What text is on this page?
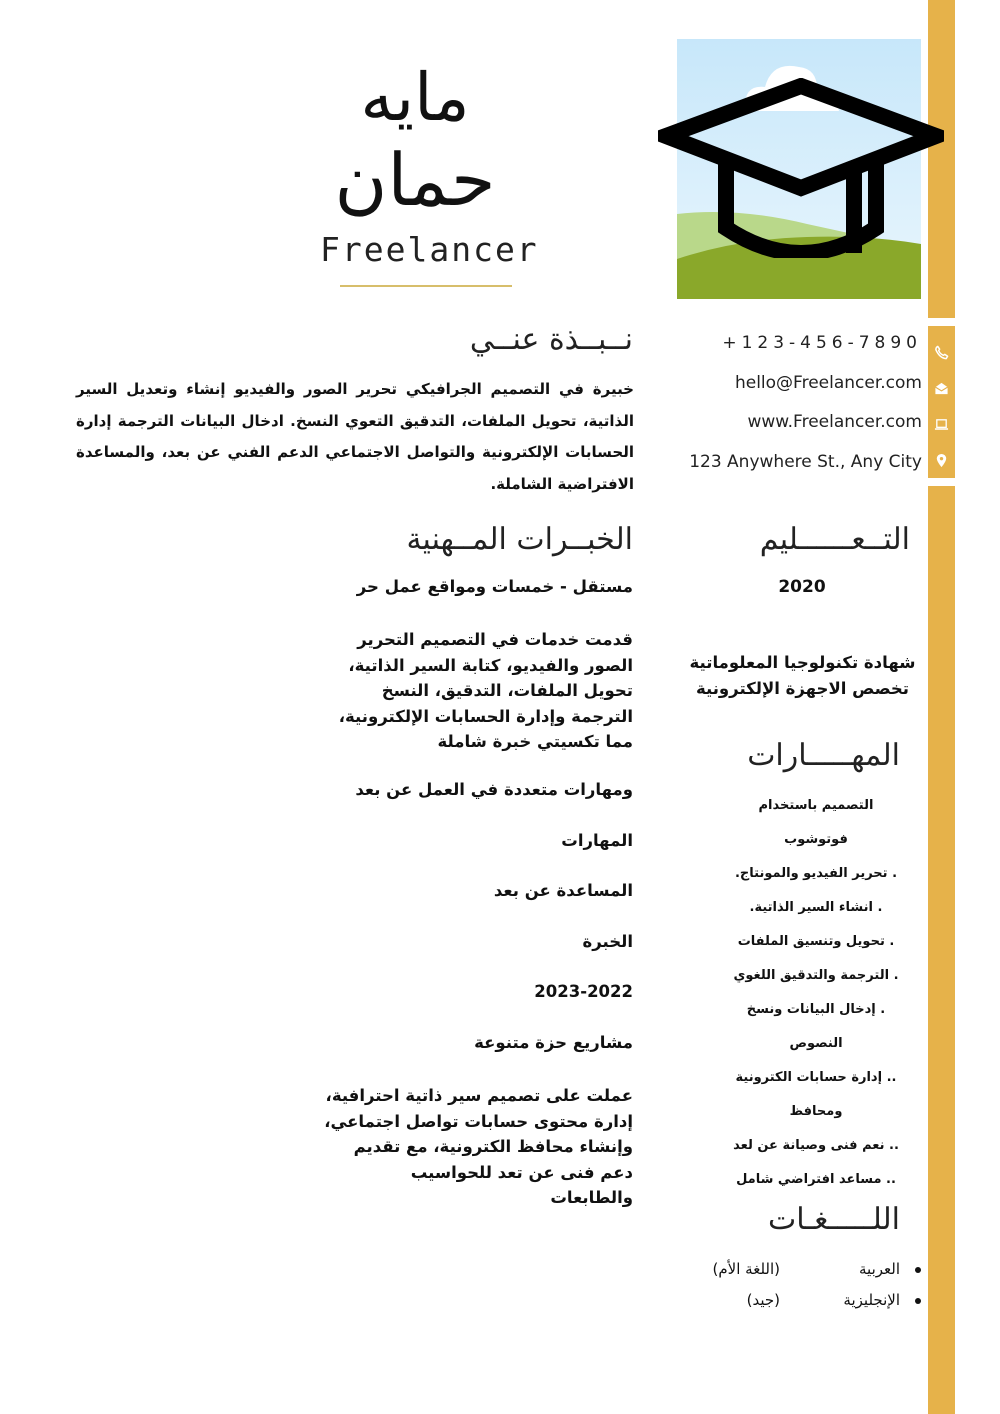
مايه
حمان
Freelancer
+123-456-7890
hello@Freelancer.com
www.Freelancer.com
123 Anywhere St., Any City
نــبــذة عنــي
خبيرة في التصميم الجرافيكي تحرير الصور والفيديو إنشاء وتعديل السير الذاتية، تحويل الملفات، التدقيق التعوي النسخ. ادخال البيانات الترجمة إدارة الحسابات الإلكترونية والتواصل الاجتماعي الدعم الفني عن بعد، والمساعدة الافتراضية الشاملة.
الخبــرات المــهنية
مستقل - خمسات ومواقع عمل حر
قدمت خدمات في التصميم التحرير
الصور والفيديو، كتابة السير الذاتية،
تحويل الملفات، التدقيق، النسخ
الترجمة وإدارة الحسابات الإلكترونية،
مما تكسيتي خبرة شاملة
ومهارات متعددة في العمل عن بعد
المهارات
المساعدة عن بعد
الخبرة
2023-2022
مشاريع حزة متنوعة
عملت على تصميم سير ذاتية احترافية،
إدارة محتوى حسابات تواصل اجتماعي،
وإنشاء محافظ الكترونية، مع تقديم
دعم فنى عن تعد للحواسيب
والطابعات
التــعــــــليم
2020
شهادة تكنولوجيا المعلوماتية
تخصص الاجهزة الإلكترونية
المهـــــارات
التصميم باستخدام
فوتوشوب
. تحرير الفيديو والمونتاج.
. انشاء السير الذاتية.
. تحويل وتنسيق الملفات
. الترجمة والتدقيق اللغوي
. إدخال البيانات ونسخ
النصوص
.. إدارة حسابات الكترونية
ومحافظ
.. نعم فنى وصيانة عن لعد
.. مساعد افتراضي شامل
اللـــــغـات
العربية
(اللغة الأم)
الإنجليزية
(جيد)
